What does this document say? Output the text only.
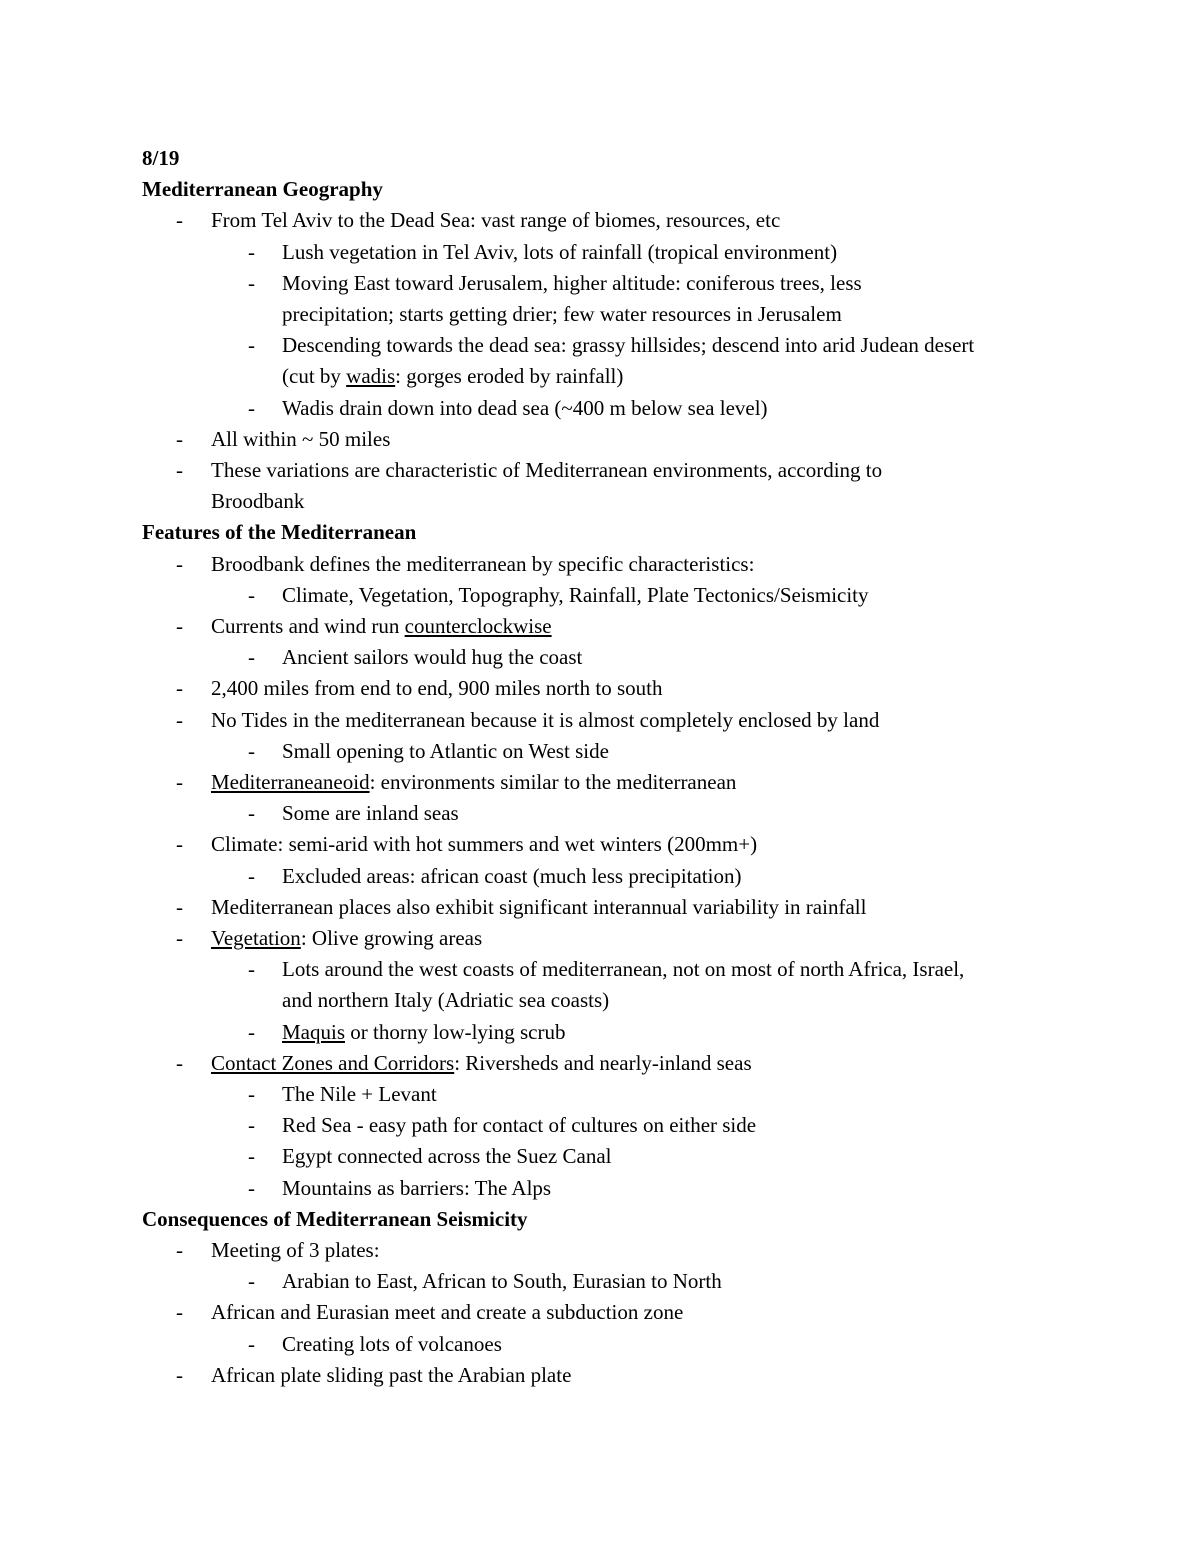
8/19
Mediterranean Geography
- From Tel Aviv to the Dead Sea: vast range of biomes, resources, etc
- Lush vegetation in Tel Aviv, lots of rainfall (tropical environment)
- Moving East toward Jerusalem, higher altitude: coniferous trees, less
precipitation; starts getting drier; few water resources in Jerusalem
- Descending towards the dead sea: grassy hillsides; descend into arid Judean desert
(cut by wadis: gorges eroded by rainfall)
- Wadis drain down into dead sea (~400 m below sea level)
- All within ~ 50 miles
- These variations are characteristic of Mediterranean environments, according to
Broodbank
Features of the Mediterranean
- Broodbank defines the mediterranean by specific characteristics:
- Climate, Vegetation, Topography, Rainfall, Plate Tectonics/Seismicity
- Currents and wind run counterclockwise
- Ancient sailors would hug the coast
- 2,400 miles from end to end, 900 miles north to south
- No Tides in the mediterranean because it is almost completely enclosed by land
- Small opening to Atlantic on West side
- Mediterraneaneoid: environments similar to the mediterranean
- Some are inland seas
- Climate: semi-arid with hot summers and wet winters (200mm+)
- Excluded areas: african coast (much less precipitation)
- Mediterranean places also exhibit significant interannual variability in rainfall
- Vegetation: Olive growing areas
- Lots around the west coasts of mediterranean, not on most of north Africa, Israel,
and northern Italy (Adriatic sea coasts)
- Maquis or thorny low-lying scrub
- Contact Zones and Corridors: Riversheds and nearly-inland seas
- The Nile + Levant
- Red Sea - easy path for contact of cultures on either side
- Egypt connected across the Suez Canal
- Mountains as barriers: The Alps
Consequences of Mediterranean Seismicity
- Meeting of 3 plates:
- Arabian to East, African to South, Eurasian to North
- African and Eurasian meet and create a subduction zone
- Creating lots of volcanoes
- African plate sliding past the Arabian plate
